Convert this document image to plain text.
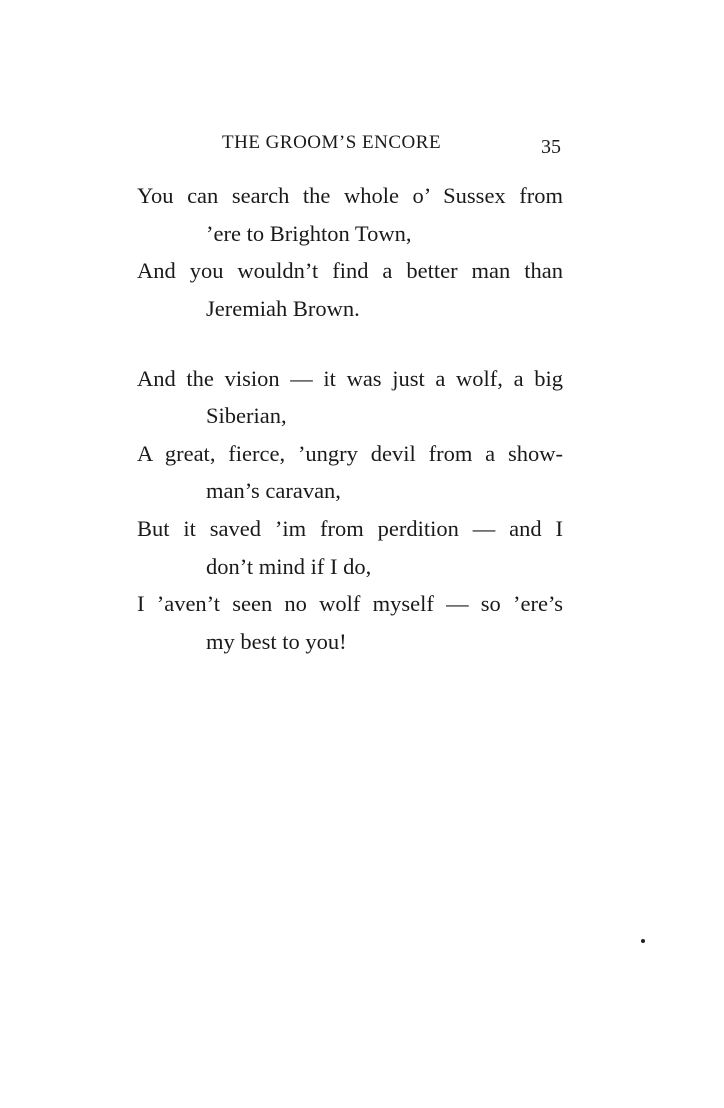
THE GROOM’S ENCORE	35
You can search the whole o’ Sussex from
’ere to Brighton Town,
And you wouldn’t find a better man than
Jeremiah Brown.
And the vision — it was just a wolf, a big
Siberian,
A great, fierce, ’ungry devil from a show-
man’s caravan,
But it saved ’im from perdition — and I
don’t mind if I do,
I ’aven’t seen no wolf myself — so ’ere’s
my best to you!
